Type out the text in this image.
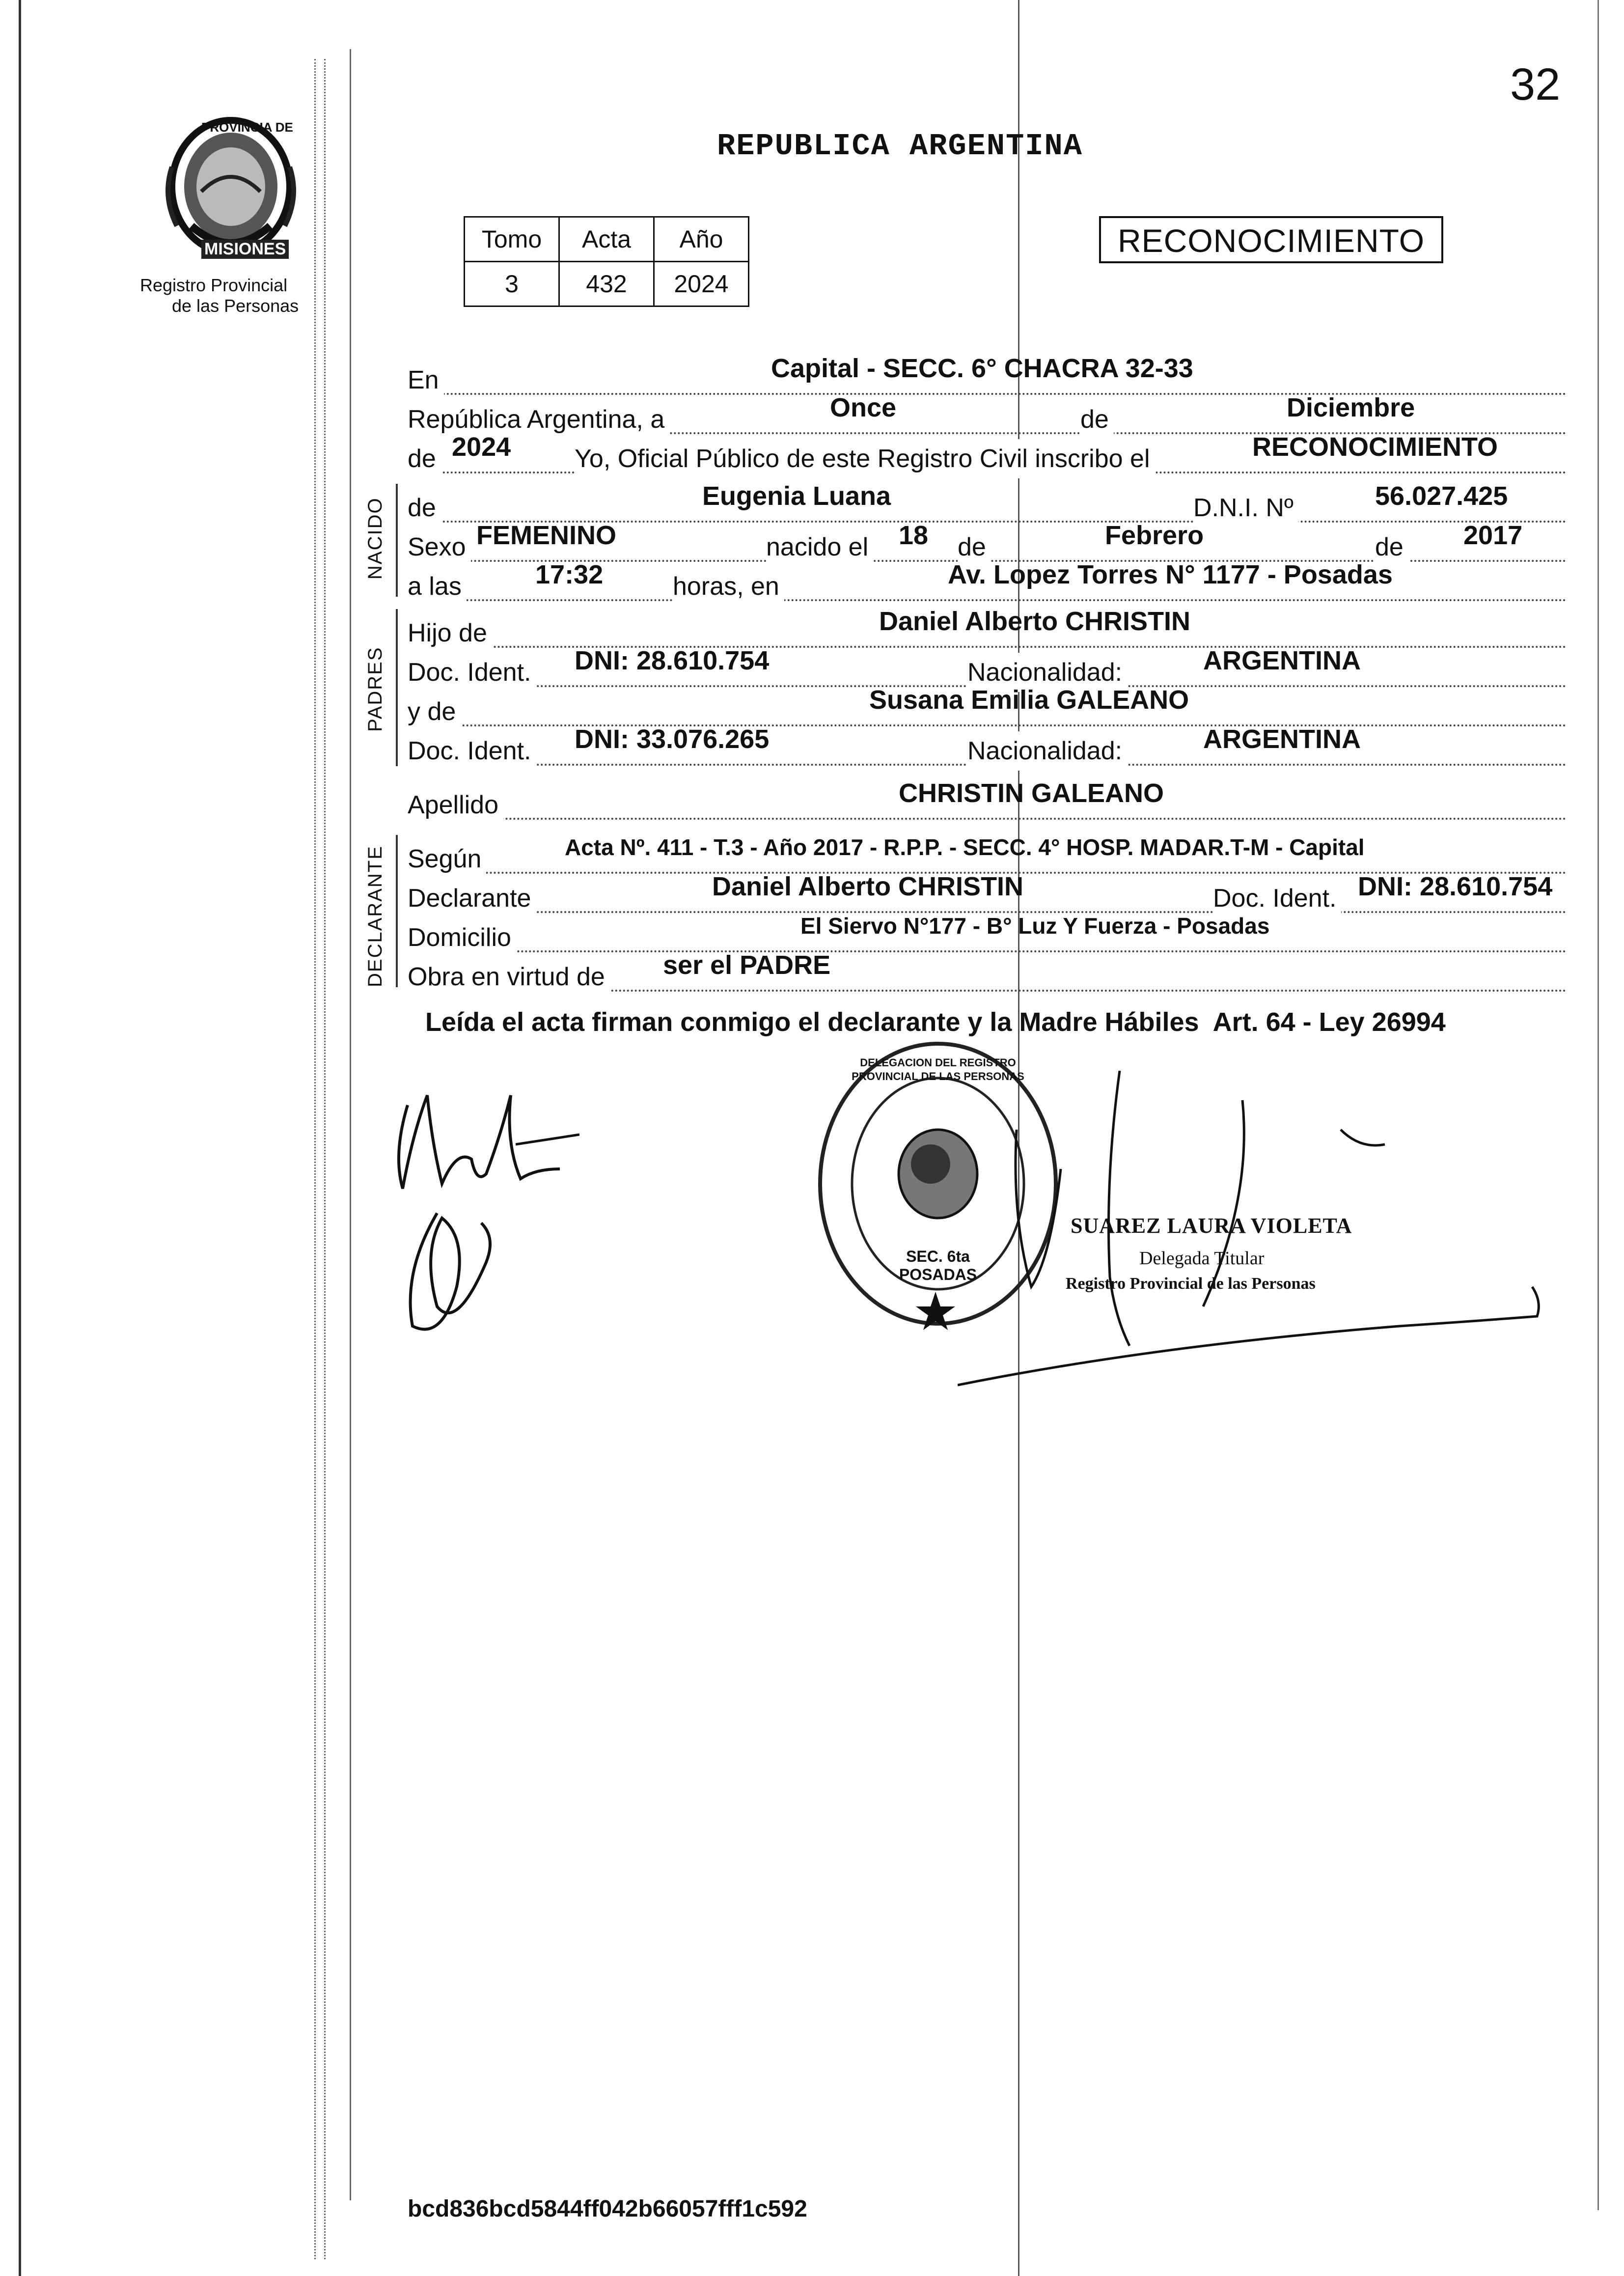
32
PROVINCIA DE
MISIONES
Registro Provincial
de las Personas
REPUBLICA ARGENTINA
Tomo	Acta	Año
3	432	2024
RECONOCIMIENTO
En	Capital - SECC. 6° CHACRA 32-33
República Argentina, a	Once	de	Diciembre
de 2024 Yo, Oficial Público de este Registro Civil inscribo el	RECONOCIMIENTO
NACIDO de	Eugenia Luana	D.N.I. Nº	56.027.425
Sexo FEMENINO	nacido el 18 de	Febrero	de 2017
a las	17:32	horas, en	Av. Lopez Torres N° 1177 - Posadas
PADRES
Hijo de	Daniel Alberto CHRISTIN
Doc. Ident. DNI: 28.610.754	Nacionalidad:	ARGENTINA
y de	Susana Emilia GALEANO
Doc. Ident. DNI: 33.076.265	Nacionalidad:	ARGENTINA
Apellido	CHRISTIN GALEANO
DECLARANTE Según	Acta Nº. 411 - T.3 - Año 2017 - R.P.P. - SECC. 4° HOSP. MADAR.T-M - Capital
Declarante	Daniel Alberto CHRISTIN	Doc. Ident. DNI: 28.610.754
Domicilio	El Siervo N°177 - B° Luz Y Fuerza - Posadas
Obra en virtud de ser el PADRE
Leída el acta firman conmigo el declarante y la Madre Hábiles  Art. 64 - Ley 26994
DELEGACION DEL REGISTRO PROVINCIAL DE LAS PERSONAS
SEC. 6ta POSADAS
SUAREZ LAURA VIOLETA
Delegada Titular
Registro Provincial de las Personas
bcd836bcd5844ff042b66057fff1c592
